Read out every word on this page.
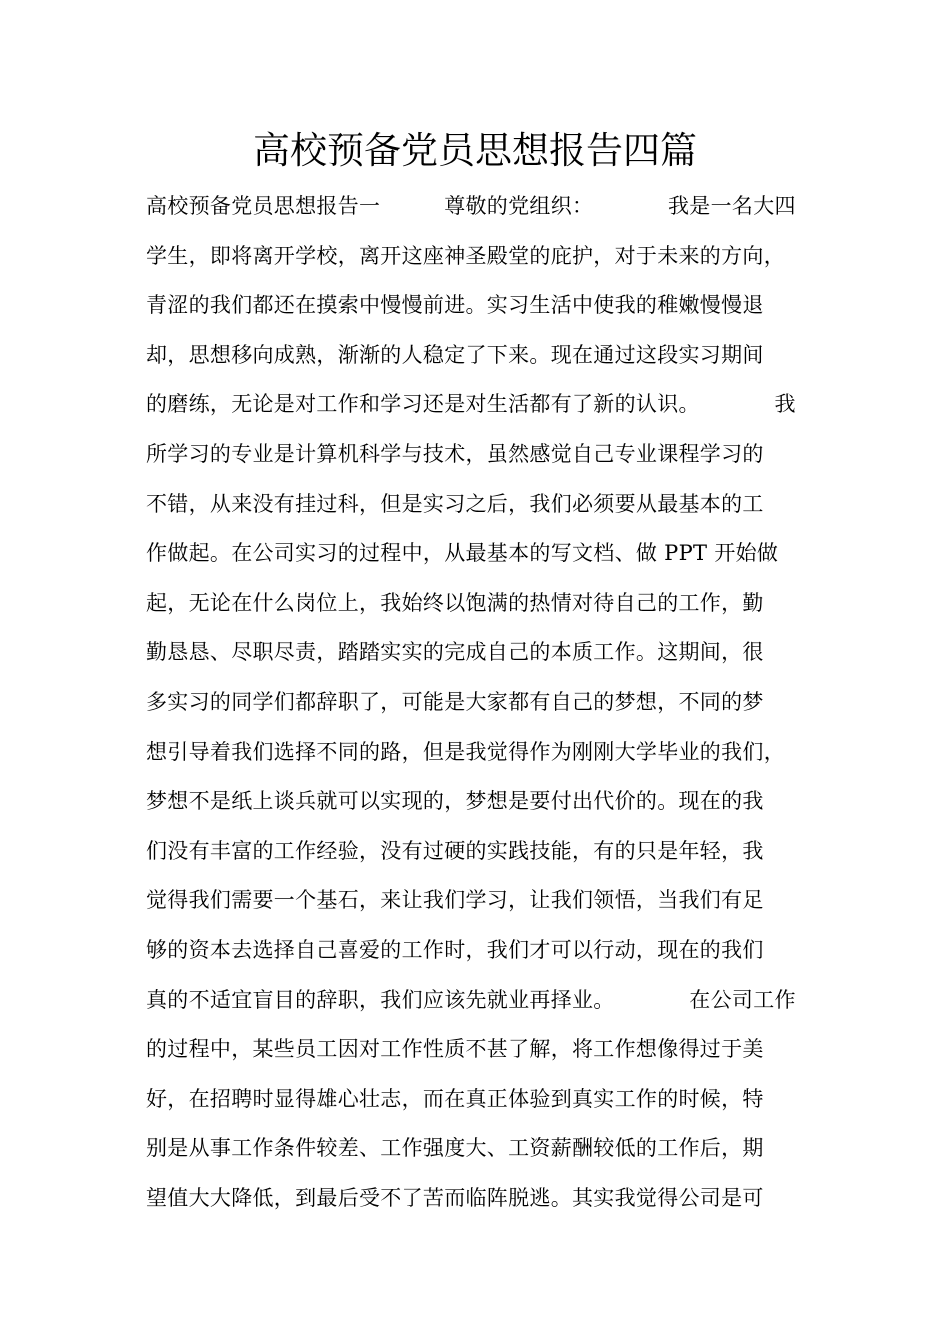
高校预备党员思想报告四篇
高校预备党员思想报告一　　　尊敬的党组织：　　　　我是一名大四
学生，即将离开学校，离开这座神圣殿堂的庇护，对于未来的方向，
青涩的我们都还在摸索中慢慢前进。实习生活中使我的稚嫩慢慢退
却，思想移向成熟，渐渐的人稳定了下来。现在通过这段实习期间
的磨练，无论是对工作和学习还是对生活都有了新的认识。　　　　我
所学习的专业是计算机科学与技术，虽然感觉自己专业课程学习的
不错，从来没有挂过科，但是实习之后，我们必须要从最基本的工
作做起。在公司实习的过程中，从最基本的写文档、做 PPT 开始做
起，无论在什么岗位上，我始终以饱满的热情对待自己的工作，勤
勤恳恳、尽职尽责，踏踏实实的完成自己的本质工作。这期间，很
多实习的同学们都辞职了，可能是大家都有自己的梦想，不同的梦
想引导着我们选择不同的路，但是我觉得作为刚刚大学毕业的我们，
梦想不是纸上谈兵就可以实现的，梦想是要付出代价的。现在的我
们没有丰富的工作经验，没有过硬的实践技能，有的只是年轻，我
觉得我们需要一个基石，来让我们学习，让我们领悟，当我们有足
够的资本去选择自己喜爱的工作时，我们才可以行动，现在的我们
真的不适宜盲目的辞职，我们应该先就业再择业。　　　　在公司工作
的过程中，某些员工因对工作性质不甚了解，将工作想像得过于美
好，在招聘时显得雄心壮志，而在真正体验到真实工作的时候，特
别是从事工作条件较差、工作强度大、工资薪酬较低的工作后，期
望值大大降低，到最后受不了苦而临阵脱逃。其实我觉得公司是可
